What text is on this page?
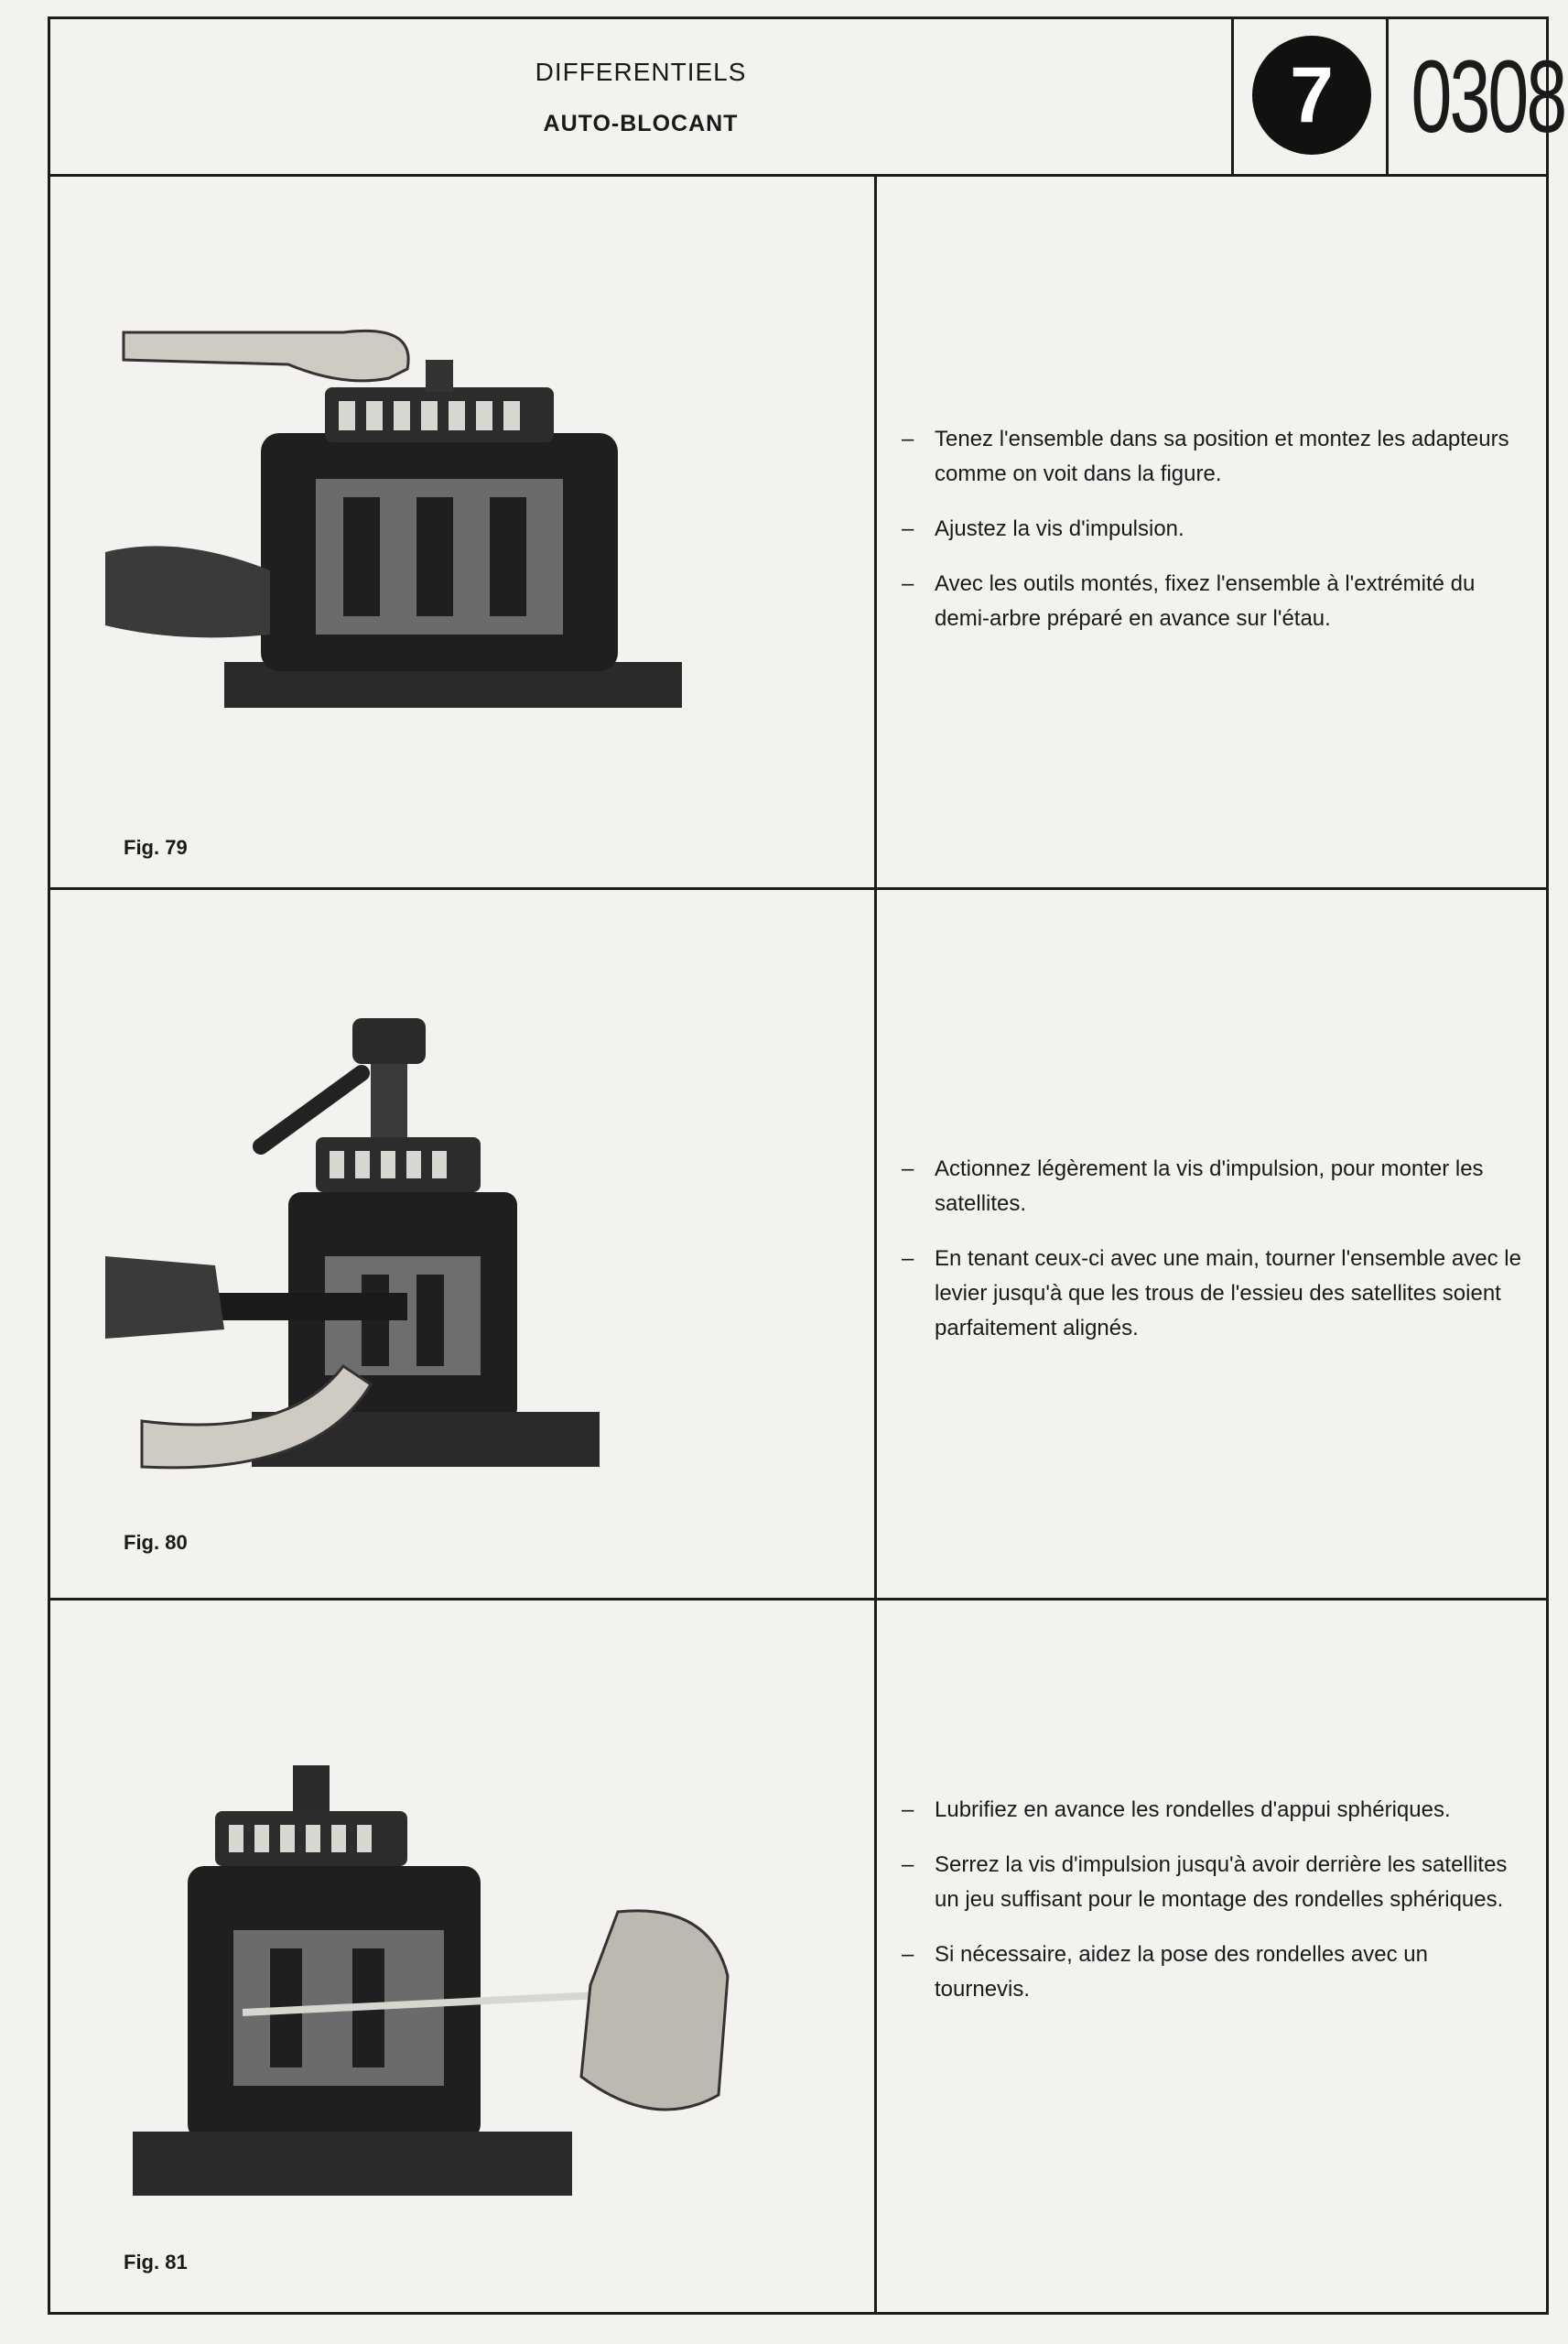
DIFFERENTIELS
AUTO-BLOCANT	7 0308
Fig. 79
– Tenez l'ensemble dans sa position et montez les adapteurs comme on voit dans la figure.
– Ajustez la vis d'impulsion.
– Avec les outils montés, fixez l'ensemble à l'extrémité du demi-arbre préparé en avance sur l'étau.
Fig. 80
– Actionnez légèrement la vis d'impulsion, pour monter les satellites.
– En tenant ceux-ci avec une main, tourner l'ensemble avec le levier jusqu'à que les trous de l'essieu des satellites soient parfaitement alignés.
Fig. 81
– Lubrifiez en avance les rondelles d'appui sphériques.
– Serrez la vis d'impulsion jusqu'à avoir derrière les satellites un jeu suffisant pour le montage des rondelles sphériques.
– Si nécessaire, aidez la pose des rondelles avec un tournevis.
